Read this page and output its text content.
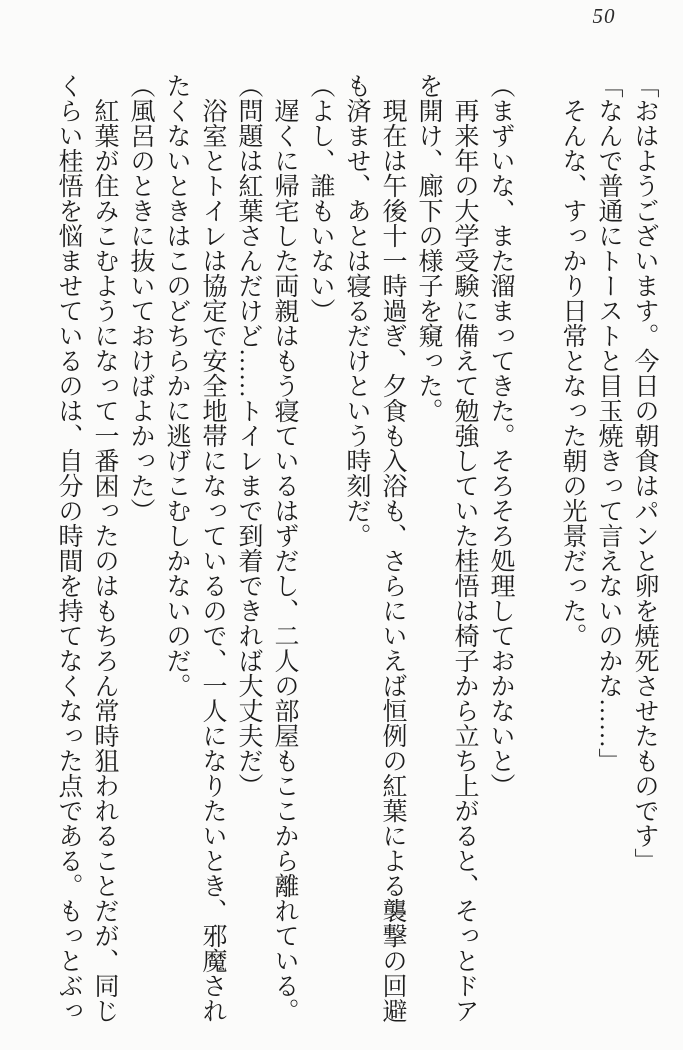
50

「おはようございます。今日の朝食はパンと卵を焼死させたものです」

「なんで普通にトーストと目玉焼きって言えないのかな……」

　そんな、すっかり日常となった朝の光景だった。

（まずいな、また溜まってきた。そろそろ処理しておかないと）

　再来年の大学受験に備えて勉強していた桂悟は椅子から立ち上がると、そっとドアを開け、廊下の様子を窺った。

　現在は午後十一時過ぎ、夕食も入浴も、さらにいえば恒例の紅葉による襲撃の回避も済ませ、あとは寝るだけという時刻だ。

（よし、誰もいない）

　遅くに帰宅した両親はもう寝ているはずだし、二人の部屋もここから離れている。

（問題は紅葉さんだけど……トイレまで到着できれば大丈夫だ）

　浴室とトイレは協定で安全地帯になっているので、一人になりたいとき、邪魔されたくないときはこのどちらかに逃げこむしかないのだ。

（風呂のときに抜いておけばよかった）

　紅葉が住みこむようになって一番困ったのはもちろん常時狙われることだが、同じくらい桂悟を悩ませているのは、自分の時間を持てなくなった点である。もっとぶっ
